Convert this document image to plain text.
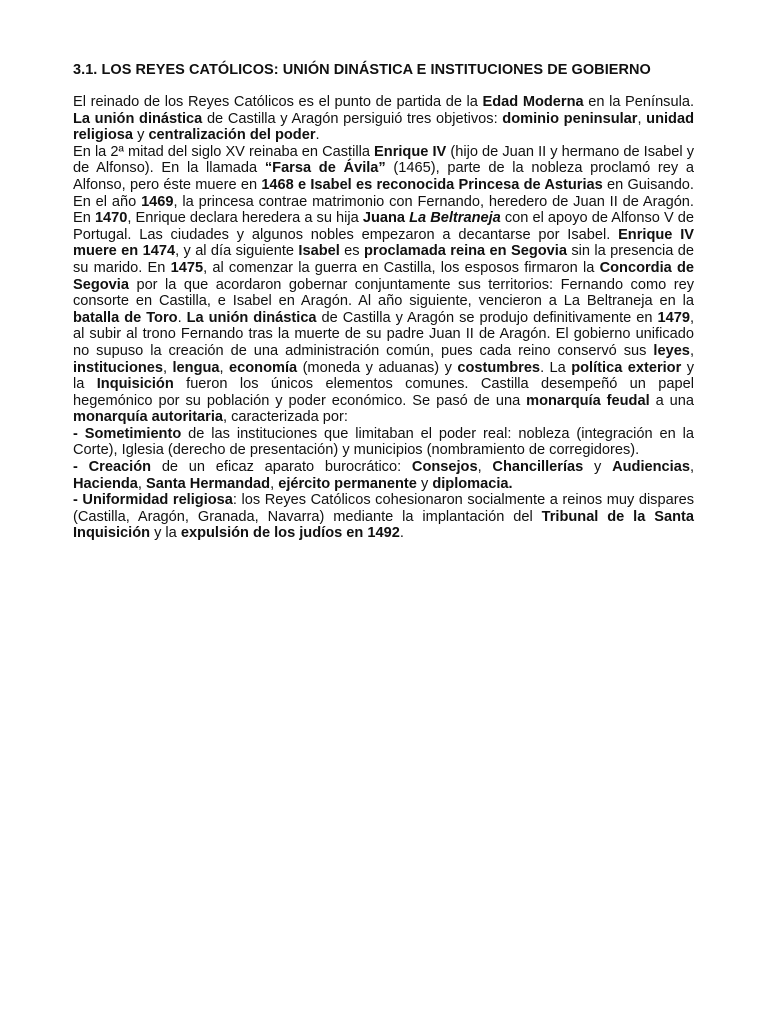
3.1. LOS REYES CATÓLICOS: UNIÓN DINÁSTICA E INSTITUCIONES DE GOBIERNO

El reinado de los Reyes Católicos es el punto de partida de la Edad Moderna en la Península. La unión dinástica de Castilla y Aragón persiguió tres objetivos: dominio peninsular, unidad religiosa y centralización del poder.

En la 2ª mitad del siglo XV reinaba en Castilla Enrique IV (hijo de Juan II y hermano de Isabel y de Alfonso). En la llamada “Farsa de Ávila” (1465), parte de la nobleza proclamó rey a Alfonso, pero éste muere en 1468 e Isabel es reconocida Princesa de Asturias en Guisando. En el año 1469, la princesa contrae matrimonio con Fernando, heredero de Juan II de Aragón. En 1470, Enrique declara heredera a su hija Juana La Beltraneja con el apoyo de Alfonso V de Portugal. Las ciudades y algunos nobles empezaron a decantarse por Isabel. Enrique IV muere en 1474, y al día siguiente Isabel es proclamada reina en Segovia sin la presencia de su marido. En 1475, al comenzar la guerra en Castilla, los esposos firmaron la Concordia de Segovia por la que acordaron gobernar conjuntamente sus territorios: Fernando como rey consorte en Castilla, e Isabel en Aragón. Al año siguiente, vencieron a La Beltraneja en la batalla de Toro. La unión dinástica de Castilla y Aragón se produjo definitivamente en 1479, al subir al trono Fernando tras la muerte de su padre Juan II de Aragón. El gobierno unificado no supuso la creación de una administración común, pues cada reino conservó sus leyes, instituciones, lengua, economía (moneda y aduanas) y costumbres. La política exterior y la Inquisición fueron los únicos elementos comunes. Castilla desempeñó un papel hegemónico por su población y poder económico. Se pasó de una monarquía feudal a una monarquía autoritaria, caracterizada por:

- Sometimiento de las instituciones que limitaban el poder real: nobleza (integración en la Corte), Iglesia (derecho de presentación) y municipios (nombramiento de corregidores).

- Creación de un eficaz aparato burocrático: Consejos, Chancillerías y Audiencias, Hacienda, Santa Hermandad, ejército permanente y diplomacia.

- Uniformidad religiosa: los Reyes Católicos cohesionaron socialmente a reinos muy dispares (Castilla, Aragón, Granada, Navarra) mediante la implantación del Tribunal de la Santa Inquisición y la expulsión de los judíos en 1492.
